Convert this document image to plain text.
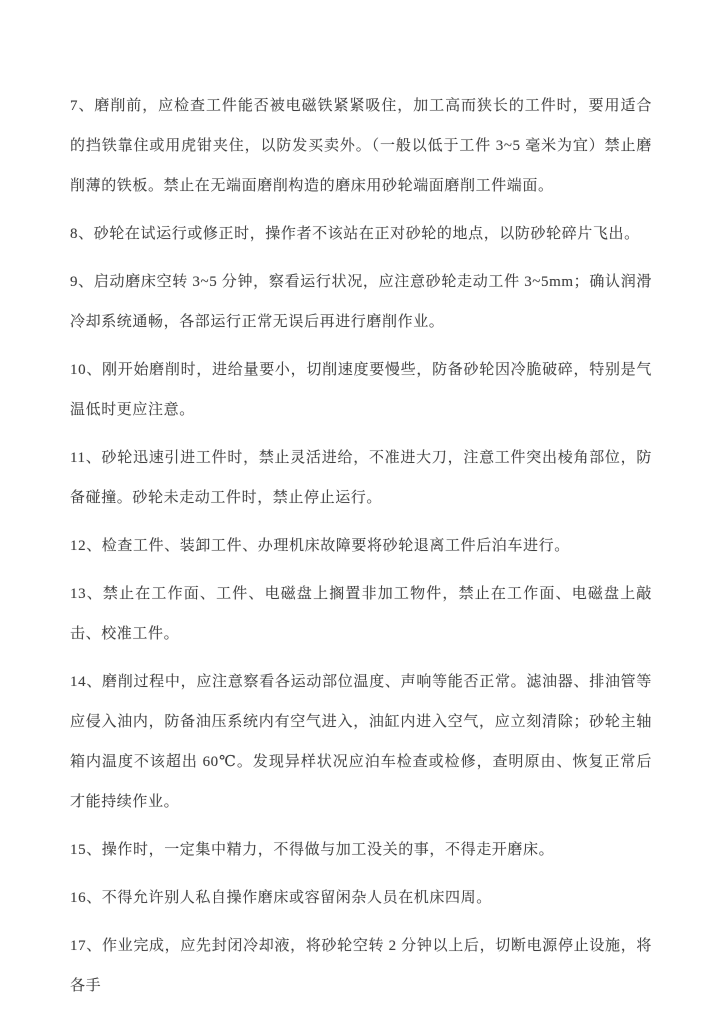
7、磨削前，应检查工件能否被电磁铁紧紧吸住，加工高而狭长的工件时，要用适合的挡铁靠住或用虎钳夹住，以防发买卖外。（一般以低于工件 3~5 毫米为宜）禁止磨削薄的铁板。禁止在无端面磨削构造的磨床用砂轮端面磨削工件端面。

8、砂轮在试运行或修正时，操作者不该站在正对砂轮的地点，以防砂轮碎片飞出。

9、启动磨床空转 3~5 分钟，察看运行状况，应注意砂轮走动工件 3~5mm；确认润滑冷却系统通畅，各部运行正常无误后再进行磨削作业。

10、刚开始磨削时，进给量要小，切削速度要慢些，防备砂轮因冷脆破碎，特别是气温低时更应注意。

11、砂轮迅速引进工件时，禁止灵活进给，不准进大刀，注意工件突出棱角部位，防备碰撞。砂轮未走动工件时，禁止停止运行。

12、检查工件、装卸工件、办理机床故障要将砂轮退离工件后泊车进行。

13、禁止在工作面、工件、电磁盘上搁置非加工物件，禁止在工作面、电磁盘上敲击、校准工件。

14、磨削过程中，应注意察看各运动部位温度、声响等能否正常。滤油器、排油管等应侵入油内，防备油压系统内有空气进入，油缸内进入空气，应立刻清除；砂轮主轴箱内温度不该超出 60℃。发现异样状况应泊车检查或检修，查明原由、恢复正常后才能持续作业。

15、操作时，一定集中精力，不得做与加工没关的事，不得走开磨床。

16、不得允许别人私自操作磨床或容留闲杂人员在机床四周。

17、作业完成，应先封闭冷却液，将砂轮空转 2 分钟以上后，切断电源停止设施，将各手
